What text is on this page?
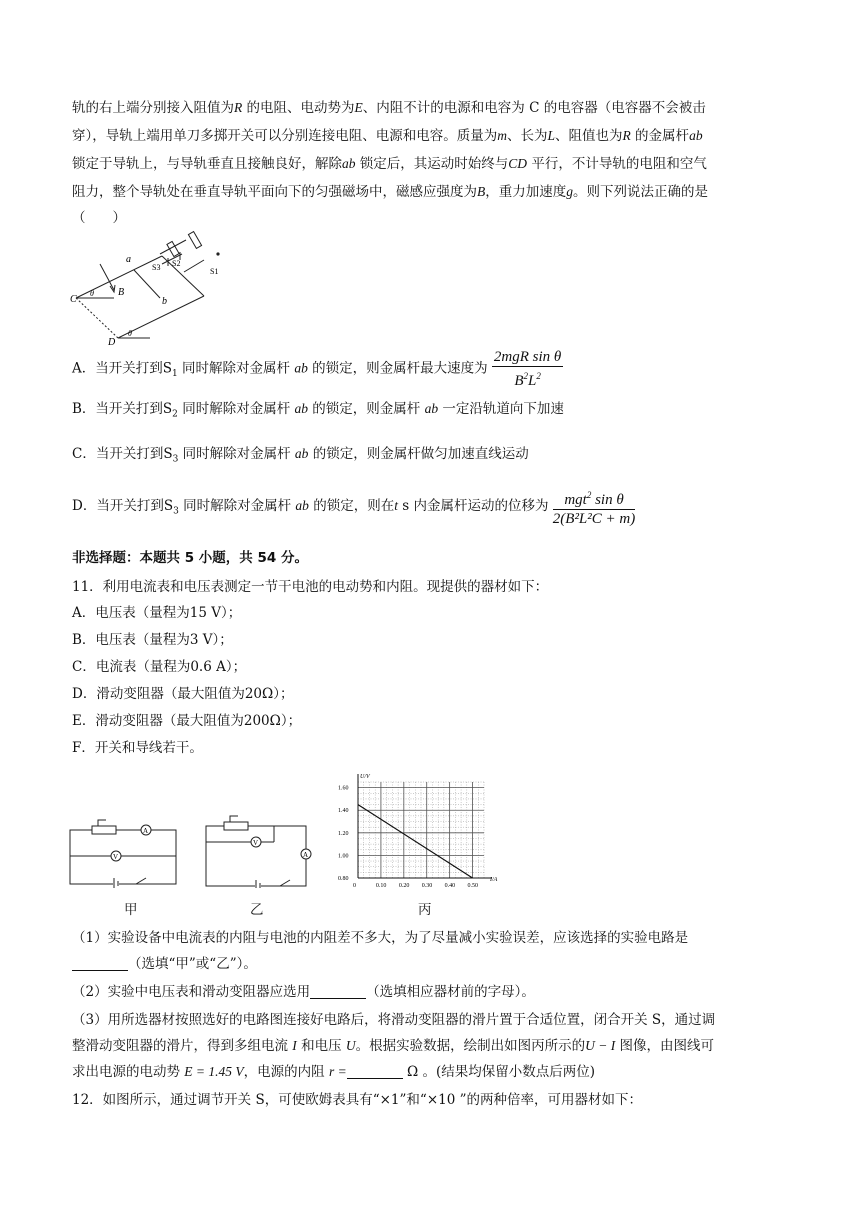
轨的右上端分别接入阻值为R 的电阻、电动势为E、内阻不计的电源和电容为 C 的电容器（电容器不会被击
穿），导轨上端用单刀多掷开关可以分别连接电阻、电源和电容。质量为m、长为L、阻值也为R 的金属杆ab
锁定于导轨上，与导轨垂直且接触良好，解除ab 锁定后，其运动时始终与CD 平行，不计导轨的电阻和空气
阻力，整个导轨处在垂直导轨平面向下的匀强磁场中，磁感应强度为B，重力加速度g。则下列说法正确的是
（　　）
C
D
a
b
B
θ
θ
S3 S2
S1
A．当开关打到$S_1$ 同时解除对金属杆 ab 的锁定，则金属杆最大速度为 $\frac{\text{2mgR sin θ}}{B^2L^2}$
B．当开关打到$S_2$ 同时解除对金属杆 ab 的锁定，则金属杆 ab 一定沿轨道向下加速
C．当开关打到$S_3$ 同时解除对金属杆 ab 的锁定，则金属杆做匀加速直线运动
D．当开关打到$S_3$ 同时解除对金属杆 ab 的锁定，则在t s 内金属杆运动的位移为 $\frac{mgt^2 \sin \theta}{\text{2(B²L²C + m)}}$
非选择题：本题共 5 小题，共 54 分。
11．利用电流表和电压表测定一节干电池的电动势和内阻。现提供的器材如下：
A．电压表（量程为15 V）；
B．电压表（量程为3 V）；
C．电流表（量程为0.6 A）；
D．滑动变阻器（最大阻值为20Ω）；
E．滑动变阻器（最大阻值为200Ω）；
F．开关和导线若干。
A
V
V
A
0	0.10 0.20 0.30 0.40 0.50
0.80
1.00
1.20
1.40
1.60
I/A
U/V
甲	乙	丙
（1）实验设备中电流表的内阻与电池的内阻差不多大，为了尽量减小实验误差，应该选择的实验电路是
（选填“甲”或“乙”）。
（2）实验中电压表和滑动变阻器应选用	（选填相应器材前的字母）。
（3）用所选器材按照选好的电路图连接好电路后，将滑动变阻器的滑片置于合适位置，闭合开关 S，通过调
整滑动变阻器的滑片，得到多组电流 I 和电压 U。根据实验数据，绘制出如图丙所示的U − I 图像，由图线可
求出电源的电动势 E = 1.45 V，电源的内阻 r =	Ω 。(结果均保留小数点后两位)
12．如图所示，通过调节开关 S，可使欧姆表具有“×1”和“×10 ”的两种倍率，可用器材如下：
